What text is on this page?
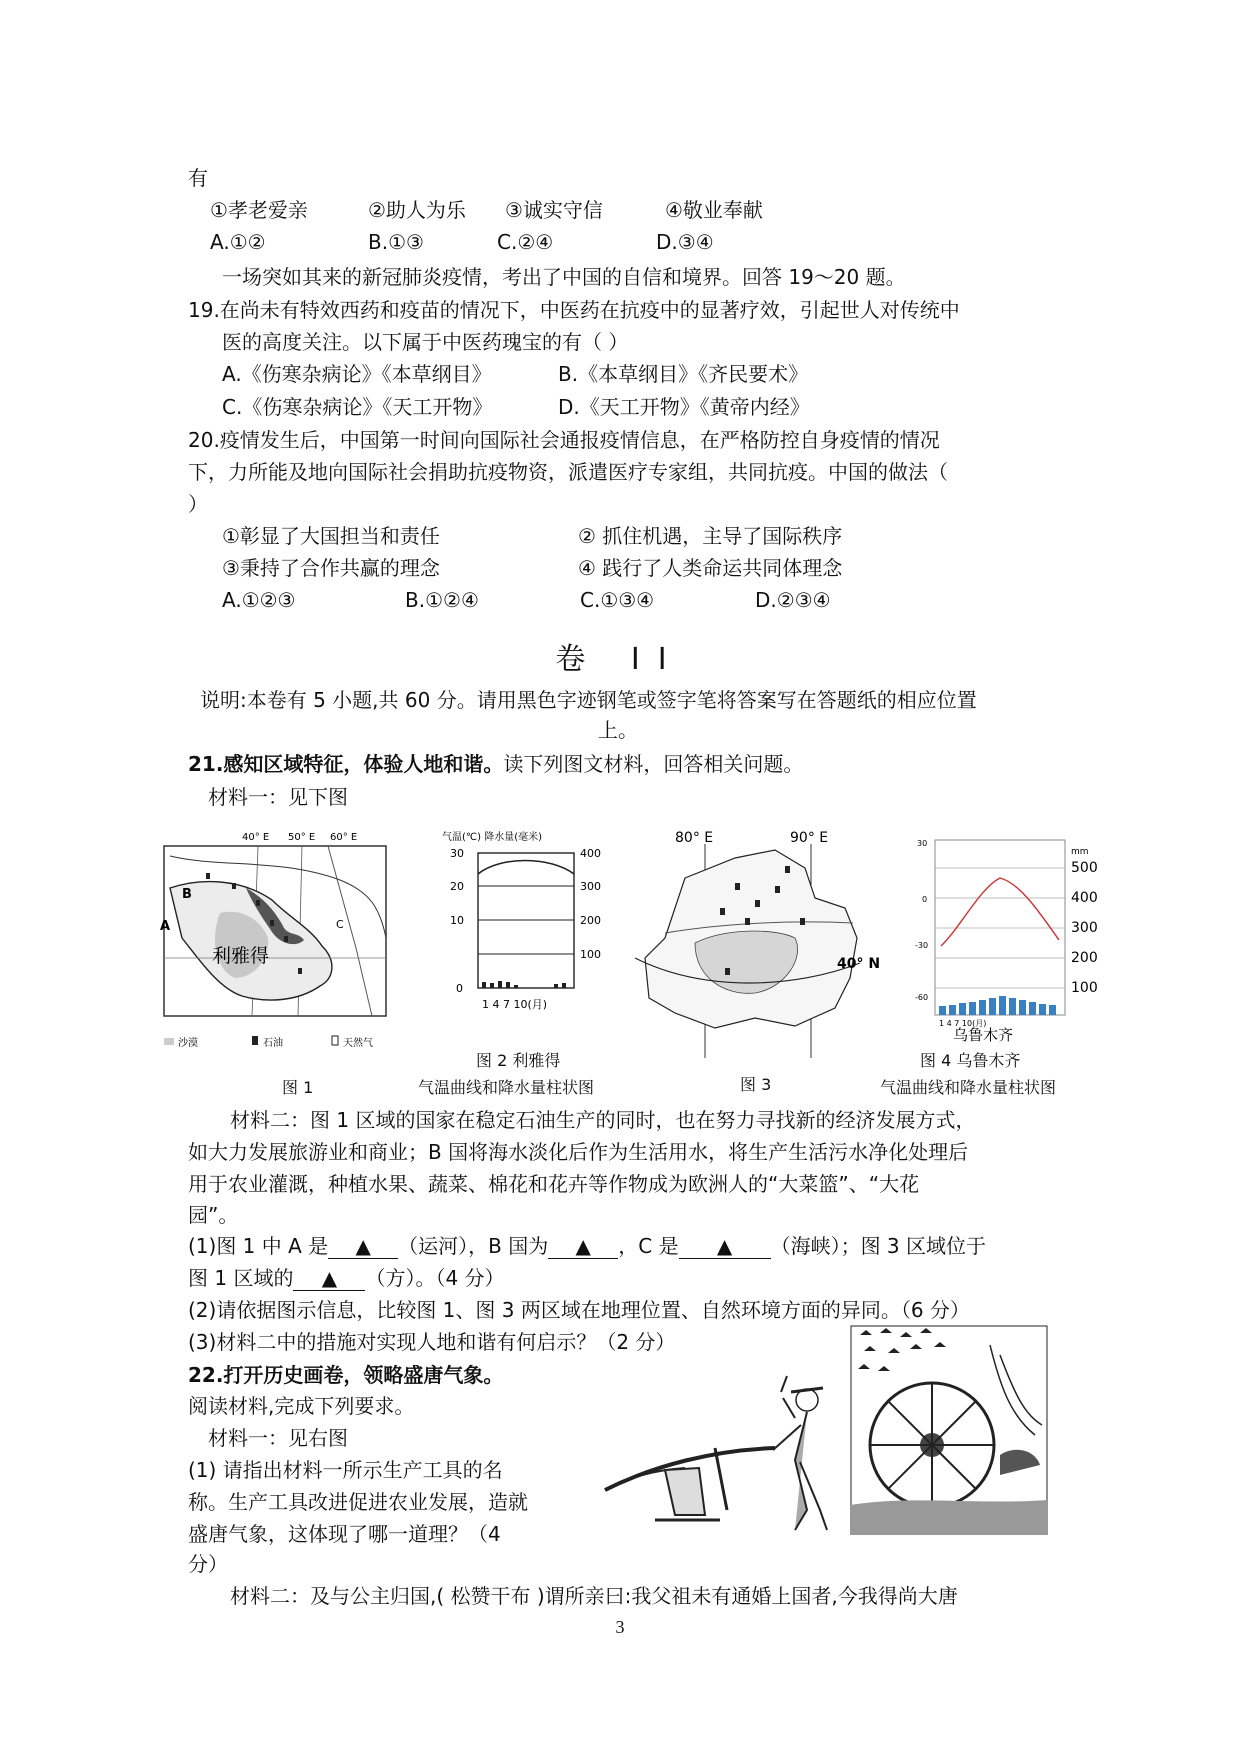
有
①孝老爱亲	②助人为乐 ③诚实守信	④敬业奉献
A.①②	B.①③	C.②④	D.③④
一场突如其来的新冠肺炎疫情，考出了中国的自信和境界。回答 19～20 题。
19.在尚未有特效西药和疫苗的情况下，中医药在抗疫中的显著疗效，引起世人对传统中
医的高度关注。以下属于中医药瑰宝的有（ ）
A.《伤寒杂病论》《本草纲目》	B.《本草纲目》《齐民要术》
C.《伤寒杂病论》《天工开物》	D.《天工开物》《黄帝内经》
20.疫情发生后，中国第一时间向国际社会通报疫情信息，在严格防控自身疫情的情况
下，力所能及地向国际社会捐助抗疫物资，派遣医疗专家组，共同抗疫。中国的做法（
）
①彰显了大国担当和责任	② 抓住机遇，主导了国际秩序
③秉持了合作共赢的理念	④ 践行了人类命运共同体理念
A.①②③	B.①②④	C.①③④	D.②③④
卷 II
说明:本卷有 5 小题,共 60 分。请用黑色字迹钢笔或签字笔将答案写在答题纸的相应位置
上。
21.感知区域特征，体验人地和谐。读下列图文材料，回答相关问题。
材料一：见下图
40° E 50° E 60° E
B
A	C
利雅得
沙漠	石油	天然气
图 1
气温(℃) 降水量(毫米)
30
20
10
0
400
300
200
100
1 4 7 10(月)
图 2 利雅得
气温曲线和降水量柱状图
80° E	90° E
40° N
图 3
30
0
-30
-60
mm
500
400
300
200
100
1 4 7 10(月)
乌鲁木齐
图 4 乌鲁木齐
气温曲线和降水量柱状图
材料二：图 1 区域的国家在稳定石油生产的同时，也在努力寻找新的经济发展方式，
如大力发展旅游业和商业；B 国将海水淡化后作为生活用水，将生产生活污水净化处理后
用于农业灌溉，种植水果、蔬菜、棉花和花卉等作物成为欧洲人的“大菜篮”、“大花
园”。
(1)图 1 中 A 是 ▲ （运河），B 国为 ▲ ，C 是 ▲ （海峡）；图 3 区域位于
图 1 区域的 ▲ （方）。（4 分）
(2)请依据图示信息，比较图 1、图 3 两区域在地理位置、自然环境方面的异同。（6 分）
(3)材料二中的措施对实现人地和谐有何启示？（2 分）
22.打开历史画卷，领略盛唐气象。
阅读材料,完成下列要求。
材料一：见右图
(1) 请指出材料一所示生产工具的名
称。生产工具改进促进农业发展，造就
盛唐气象，这体现了哪一道理？（4
分）
材料二：及与公主归国,( 松赞干布 )谓所亲曰:我父祖未有通婚上国者,今我得尚大唐
3
